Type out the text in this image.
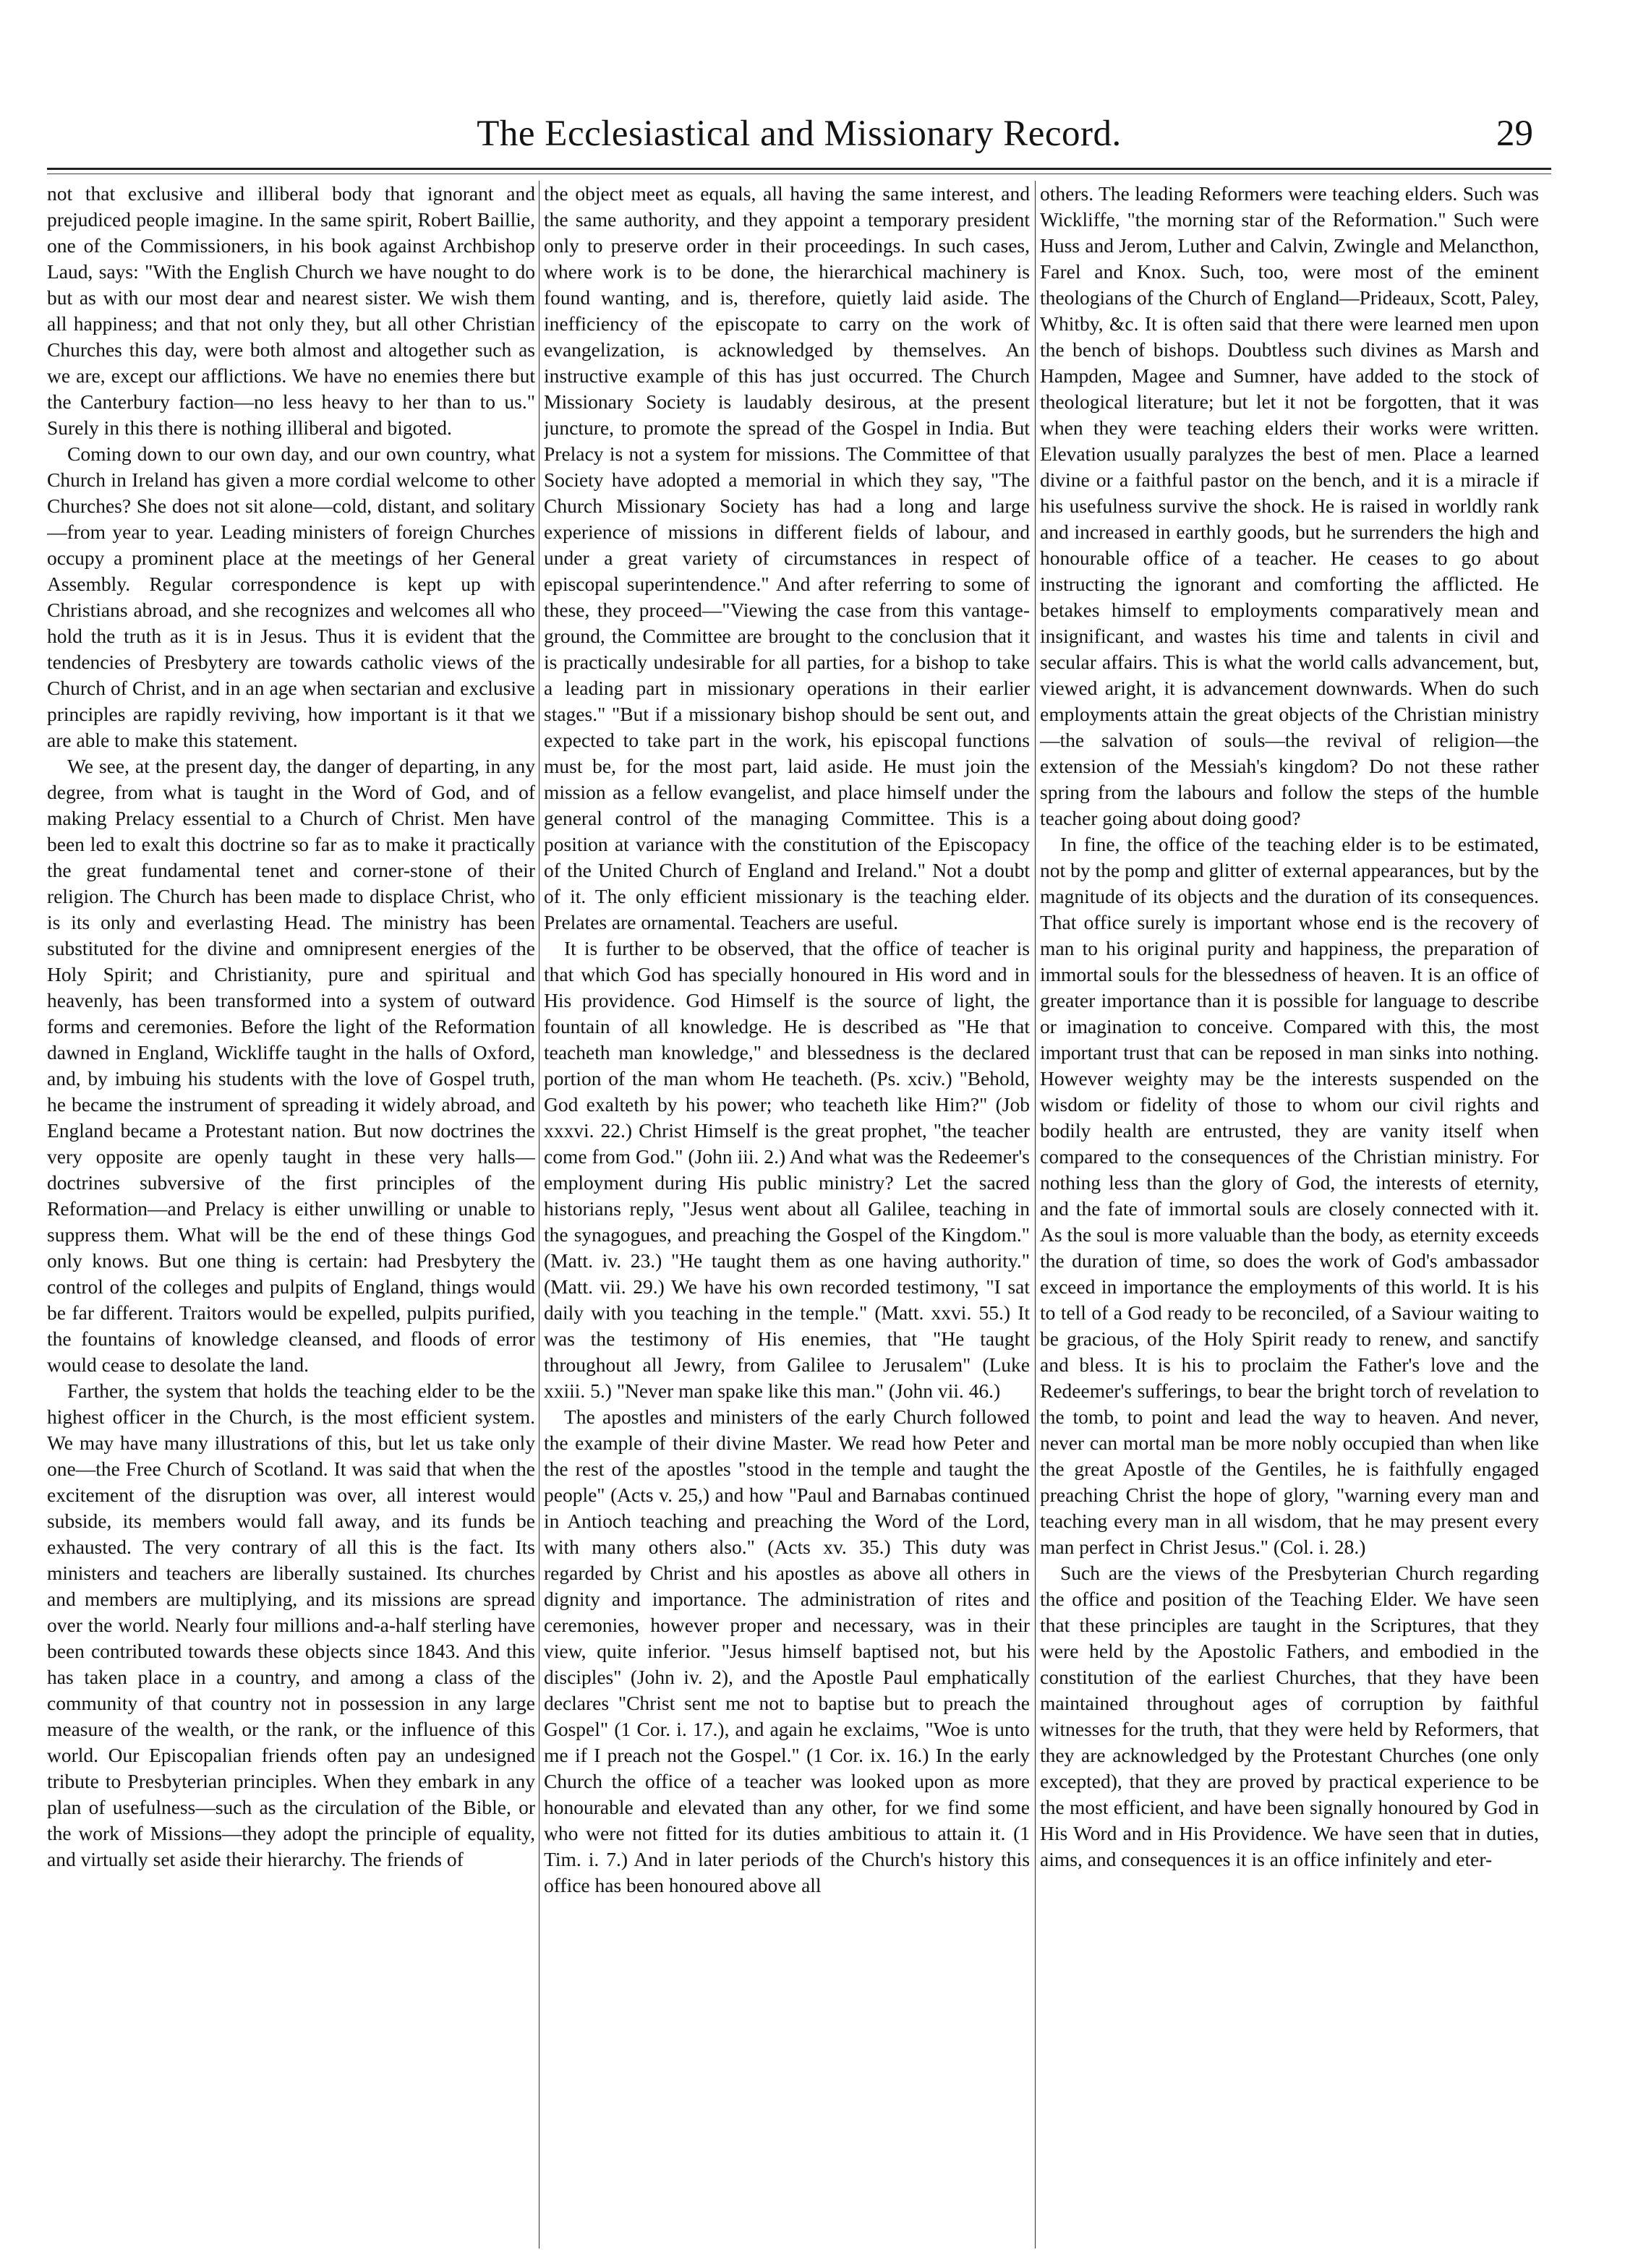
The Ecclesiastical and Missionary Record.	29

not that exclusive and illiberal body that ignorant and prejudiced people imagine. In the same spirit, Robert Baillie, one of the Commissioners, in his book against Archbishop Laud, says: "With the English Church we have nought to do but as with our most dear and nearest sister. We wish them all happiness; and that not only they, but all other Christian Churches this day, were both almost and altogether such as we are, except our afflictions. We have no enemies there but the Canterbury faction—no less heavy to her than to us." Surely in this there is nothing illiberal and bigoted.

Coming down to our own day, and our own country, what Church in Ireland has given a more cordial welcome to other Churches? She does not sit alone—cold, distant, and solitary—from year to year. Leading ministers of foreign Churches occupy a prominent place at the meetings of her General Assembly. Regular correspondence is kept up with Christians abroad, and she recognizes and welcomes all who hold the truth as it is in Jesus. Thus it is evident that the tendencies of Presbytery are towards catholic views of the Church of Christ, and in an age when sectarian and exclusive principles are rapidly reviving, how important is it that we are able to make this statement.

We see, at the present day, the danger of departing, in any degree, from what is taught in the Word of God, and of making Prelacy essential to a Church of Christ. Men have been led to exalt this doctrine so far as to make it practically the great fundamental tenet and corner-stone of their religion. The Church has been made to displace Christ, who is its only and everlasting Head. The ministry has been substituted for the divine and omnipresent energies of the Holy Spirit; and Christianity, pure and spiritual and heavenly, has been transformed into a system of outward forms and ceremonies. Before the light of the Reformation dawned in England, Wickliffe taught in the halls of Oxford, and, by imbuing his students with the love of Gospel truth, he became the instrument of spreading it widely abroad, and England became a Protestant nation. But now doctrines the very opposite are openly taught in these very halls—doctrines subversive of the first principles of the Reformation—and Prelacy is either unwilling or unable to suppress them. What will be the end of these things God only knows. But one thing is certain: had Presbytery the control of the colleges and pulpits of England, things would be far different. Traitors would be expelled, pulpits purified, the fountains of knowledge cleansed, and floods of error would cease to desolate the land.

Farther, the system that holds the teaching elder to be the highest officer in the Church, is the most efficient system. We may have many illustrations of this, but let us take only one—the Free Church of Scotland. It was said that when the excitement of the disruption was over, all interest would subside, its members would fall away, and its funds be exhausted. The very contrary of all this is the fact. Its ministers and teachers are liberally sustained. Its churches and members are multiplying, and its missions are spread over the world. Nearly four millions and-a-half sterling have been contributed towards these objects since 1843. And this has taken place in a country, and among a class of the community of that country not in possession in any large measure of the wealth, or the rank, or the influence of this world. Our Episcopalian friends often pay an undesigned tribute to Presbyterian principles. When they embark in any plan of usefulness—such as the circulation of the Bible, or the work of Missions—they adopt the principle of equality, and virtually set aside their hierarchy. The friends of

the object meet as equals, all having the same interest, and the same authority, and they appoint a temporary president only to preserve order in their proceedings. In such cases, where work is to be done, the hierarchical machinery is found wanting, and is, therefore, quietly laid aside. The inefficiency of the episcopate to carry on the work of evangelization, is acknowledged by themselves. An instructive example of this has just occurred. The Church Missionary Society is laudably desirous, at the present juncture, to promote the spread of the Gospel in India. But Prelacy is not a system for missions. The Committee of that Society have adopted a memorial in which they say, "The Church Missionary Society has had a long and large experience of missions in different fields of labour, and under a great variety of circumstances in respect of episcopal superintendence." And after referring to some of these, they proceed—"Viewing the case from this vantage-ground, the Committee are brought to the conclusion that it is practically undesirable for all parties, for a bishop to take a leading part in missionary operations in their earlier stages." "But if a missionary bishop should be sent out, and expected to take part in the work, his episcopal functions must be, for the most part, laid aside. He must join the mission as a fellow evangelist, and place himself under the general control of the managing Committee. This is a position at variance with the constitution of the Episcopacy of the United Church of England and Ireland." Not a doubt of it. The only efficient missionary is the teaching elder. Prelates are ornamental. Teachers are useful.

It is further to be observed, that the office of teacher is that which God has specially honoured in His word and in His providence. God Himself is the source of light, the fountain of all knowledge. He is described as "He that teacheth man knowledge," and blessedness is the declared portion of the man whom He teacheth. (Ps. xciv.) "Behold, God exalteth by his power; who teacheth like Him?" (Job xxxvi. 22.) Christ Himself is the great prophet, "the teacher come from God." (John iii. 2.) And what was the Redeemer's employment during His public ministry? Let the sacred historians reply, "Jesus went about all Galilee, teaching in the synagogues, and preaching the Gospel of the Kingdom." (Matt. iv. 23.) "He taught them as one having authority." (Matt. vii. 29.) We have his own recorded testimony, "I sat daily with you teaching in the temple." (Matt. xxvi. 55.) It was the testimony of His enemies, that "He taught throughout all Jewry, from Galilee to Jerusalem" (Luke xxiii. 5.) "Never man spake like this man." (John vii. 46.)

The apostles and ministers of the early Church followed the example of their divine Master. We read how Peter and the rest of the apostles "stood in the temple and taught the people" (Acts v. 25,) and how "Paul and Barnabas continued in Antioch teaching and preaching the Word of the Lord, with many others also." (Acts xv. 35.) This duty was regarded by Christ and his apostles as above all others in dignity and importance. The administration of rites and ceremonies, however proper and necessary, was in their view, quite inferior. "Jesus himself baptised not, but his disciples" (John iv. 2), and the Apostle Paul emphatically declares "Christ sent me not to baptise but to preach the Gospel" (1 Cor. i. 17.), and again he exclaims, "Woe is unto me if I preach not the Gospel." (1 Cor. ix. 16.) In the early Church the office of a teacher was looked upon as more honourable and elevated than any other, for we find some who were not fitted for its duties ambitious to attain it. (1 Tim. i. 7.) And in later periods of the Church's history this office has been honoured above all

others. The leading Reformers were teaching elders. Such was Wickliffe, "the morning star of the Reformation." Such were Huss and Jerom, Luther and Calvin, Zwingle and Melancthon, Farel and Knox. Such, too, were most of the eminent theologians of the Church of England—Prideaux, Scott, Paley, Whitby, &c. It is often said that there were learned men upon the bench of bishops. Doubtless such divines as Marsh and Hampden, Magee and Sumner, have added to the stock of theological literature; but let it not be forgotten, that it was when they were teaching elders their works were written. Elevation usually paralyzes the best of men. Place a learned divine or a faithful pastor on the bench, and it is a miracle if his usefulness survive the shock. He is raised in worldly rank and increased in earthly goods, but he surrenders the high and honourable office of a teacher. He ceases to go about instructing the ignorant and comforting the afflicted. He betakes himself to employments comparatively mean and insignificant, and wastes his time and talents in civil and secular affairs. This is what the world calls advancement, but, viewed aright, it is advancement downwards. When do such employments attain the great objects of the Christian ministry—the salvation of souls—the revival of religion—the extension of the Messiah's kingdom? Do not these rather spring from the labours and follow the steps of the humble teacher going about doing good?

In fine, the office of the teaching elder is to be estimated, not by the pomp and glitter of external appearances, but by the magnitude of its objects and the duration of its consequences. That office surely is important whose end is the recovery of man to his original purity and happiness, the preparation of immortal souls for the blessedness of heaven. It is an office of greater importance than it is possible for language to describe or imagination to conceive. Compared with this, the most important trust that can be reposed in man sinks into nothing. However weighty may be the interests suspended on the wisdom or fidelity of those to whom our civil rights and bodily health are entrusted, they are vanity itself when compared to the consequences of the Christian ministry. For nothing less than the glory of God, the interests of eternity, and the fate of immortal souls are closely connected with it. As the soul is more valuable than the body, as eternity exceeds the duration of time, so does the work of God's ambassador exceed in importance the employments of this world. It is his to tell of a God ready to be reconciled, of a Saviour waiting to be gracious, of the Holy Spirit ready to renew, and sanctify and bless. It is his to proclaim the Father's love and the Redeemer's sufferings, to bear the bright torch of revelation to the tomb, to point and lead the way to heaven. And never, never can mortal man be more nobly occupied than when like the great Apostle of the Gentiles, he is faithfully engaged preaching Christ the hope of glory, "warning every man and teaching every man in all wisdom, that he may present every man perfect in Christ Jesus." (Col. i. 28.)

Such are the views of the Presbyterian Church regarding the office and position of the Teaching Elder. We have seen that these principles are taught in the Scriptures, that they were held by the Apostolic Fathers, and embodied in the constitution of the earliest Churches, that they have been maintained throughout ages of corruption by faithful witnesses for the truth, that they were held by Reformers, that they are acknowledged by the Protestant Churches (one only excepted), that they are proved by practical experience to be the most efficient, and have been signally honoured by God in His Word and in His Providence. We have seen that in duties, aims, and consequences it is an office infinitely and eter-
